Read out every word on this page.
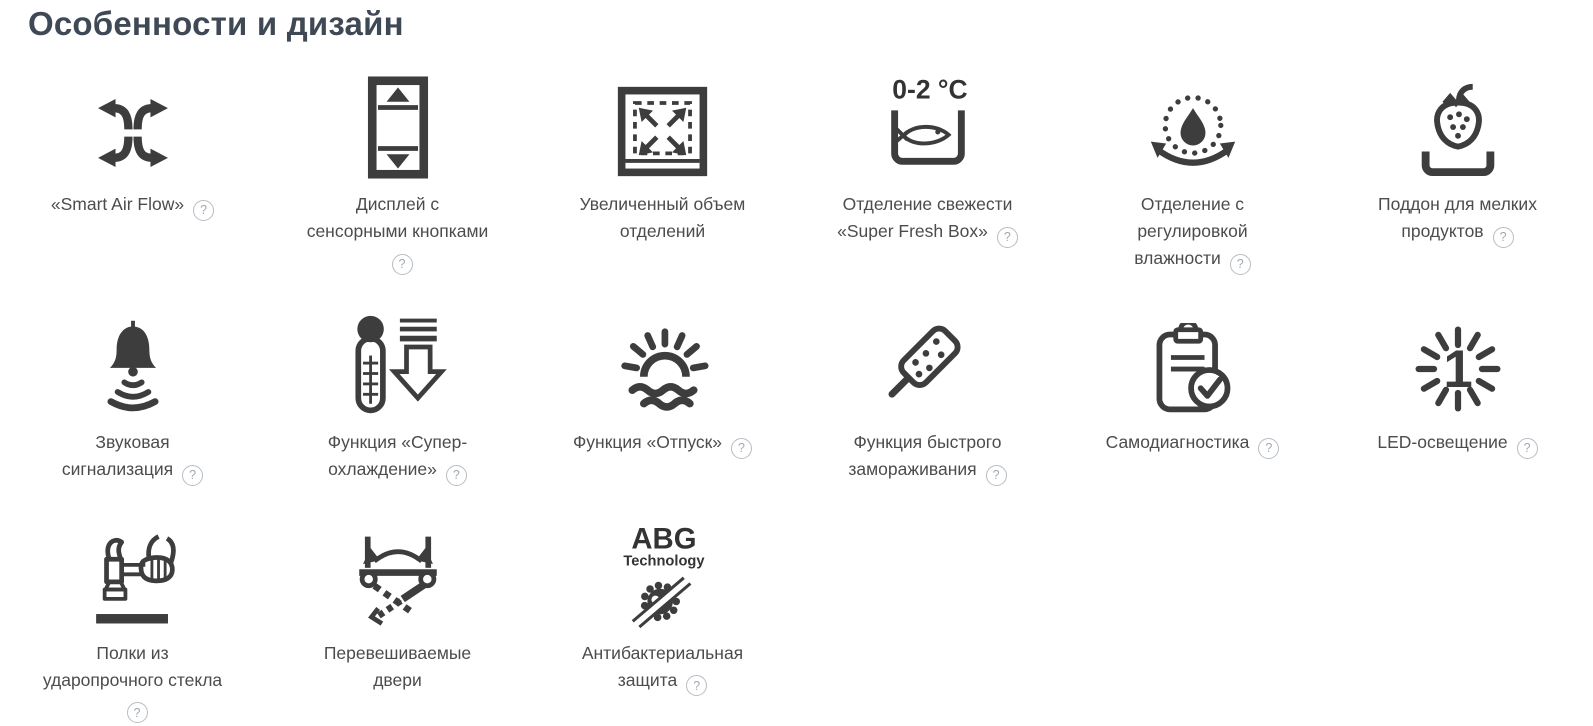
Особенности и дизайн
«Smart Air Flow» ?	Дисплей с
сенсорными кнопками
?
Увеличенный объем
отделений
0-2 °C
Отделение свежести
«Super Fresh Box» ?
Отделение с
регулировкой
влажности ?
Поддон для мелких
продуктов ?
Звуковая
сигнализация ?
Функция «Супер-
охлаждение» ?
Функция «Отпуск» ?	Функция быстрого
замораживания ?
Самодиагностика ?
1
LED-освещение ?
Полки из
ударопрочного стекла
?
Перевешиваемые
двери
ABG
Technology
Антибактериальная
защита ?
